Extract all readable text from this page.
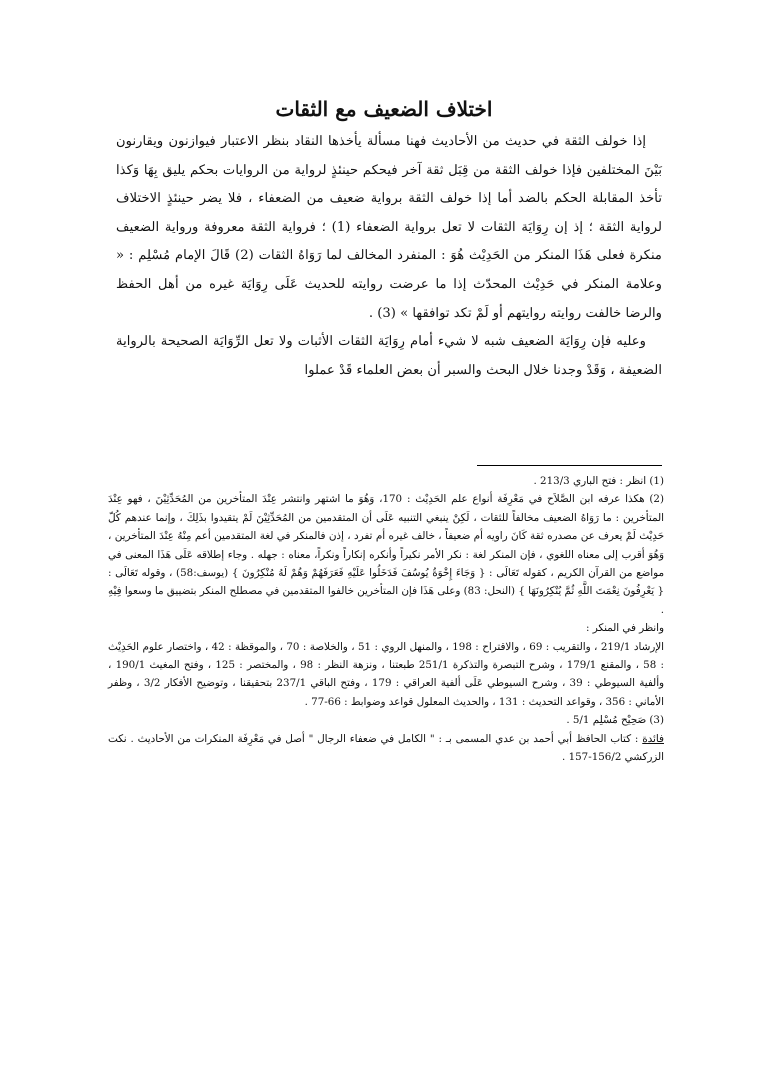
اختلاف الضعيف مع الثقات

إذا خولف الثقة في حديث من الأحاديث فهنا مسألة يأخذها النقاد بنظر الاعتبار فيوازنون ويقارنون بَيْنَ المختلفين فإذا خولف الثقة من قِبَل ثقة آخر فيحكم حينئذٍ لرواية من الروايات بحكم يليق بِهَا وَكذا تأخذ المقابلة الحكم بالضد أما إذا خولف الثقة برواية ضعيف من الضعفاء ، فلا يضر حينئذٍ الاختلاف لرواية الثقة ؛ إذ إن رِوَايَة الثقات لا تعل برواية الضعفاء (1) ؛ فرواية الثقة معروفة ورواية الضعيف منكرة فعلى هَذَا المنكر من الحَدِيْث هُوَ : المنفرد المخالف لما رَوَاهُ الثقات (2) قَالَ الإمام مُسْلِم : « وعلامة المنكر في حَدِيْث المحدّث إذا ما عرضت روايته للحديث عَلَى رِوَايَة غيره من أهل الحفظ والرضا خالفت روايته روايتهم أو لَمْ تكد توافقها » (3) .

وعليه فإن رِوَايَة الضعيف شبه لا شيء أمام رِوَايَة الثقات الأثبات ولا تعل الرِّوَايَة الصحيحة بالرواية الضعيفة ، وَقَدْ وجدنا خلال البحث والسبر أن بعض العلماء قَدْ عملوا

(1) انظر : فتح الباري 213/3 .

(2) هكذا عرفه ابن الصَّلاَح في مَعْرِفَة أنواع علم الحَدِيْث : 170، وَهُوَ ما اشتهر وانتشر عِنْدَ المتأخرين من المُحَدِّثِيْنَ ، فهو عِنْدَ المتأخرين : ما رَوَاهُ الضعيف مخالفاً للثقات ، لَكِنْ ينبغي التنبيه عَلَى أن المتقدمين من المُحَدِّثِيْنَ لَمْ يتقيدوا بذَلِكَ ، وإنما عندهم كُلّ حَدِيْث لَمْ يعرف عن مصدره ثقة كَانَ راويه أم ضعيفاً ، خالف غيره أم تفرد ، إذن فالمنكر في لغة المتقدمين أعم مِنْهُ عِنْدَ المتأخرين ، وَهُوَ أقرب إلى معناه اللغوي ، فإن المنكر لغة : نكر الأمر نكيراً وأنكره إنكاراً ونكراً، معناه : جهله . وجاء إطلاقه عَلَى هَذَا المعنى في مواضع من القرآن الكريم ، كقوله تَعَالَى : { وَجَاءَ إِخْوَةُ يُوسُفَ فَدَخَلُوا عَلَيْهِ فَعَرَفَهُمْ وَهُمْ لَهُ مُنْكِرُونَ } (يوسف:58) ، وقوله تَعَالَى : { يَعْرِفُونَ نِعْمَتَ اللَّهِ ثُمَّ يُنْكِرُونَهَا } (النحل: 83) وعلى هَذَا فإن المتأخرين خالفوا المتقدمين في مصطلح المنكر بتضييق ما وسعوا فِيْهِ .

وانظر في المنكر :

الإرشاد 219/1 ، والتقريب : 69 ، والاقتراح : 198 ، والمنهل الروي : 51 ، والخلاصة : 70 ، والموقظة : 42 ، واختصار علوم الحَدِيْث : 58 ، والمقنع 179/1 ، وشرح التبصرة والتذكرة 251/1 طبعتنا ، ونزهة النظر : 98 ، والمختصر : 125 ، وفتح المغيث 190/1 ، وألفية السيوطي : 39 ، وشرح السيوطي عَلَى ألفية العراقي : 179 ، وفتح الباقي 237/1 بتحقيقنا ، وتوضيح الأفكار 3/2 ، وظفر الأماني : 356 ، وقواعد التحديث : 131 ، والحديث المعلول قواعد وضوابط : 66-77 .

(3) صَحِيْح مُسْلِم 5/1 .

فائدة : كتاب الحافظ أبي أحمد بن عدي المسمى بـ : " الكامل في ضعفاء الرجال " أصل في مَعْرِفَة المنكرات من الأحاديث . نكت الزركشي 156/2-157 .
